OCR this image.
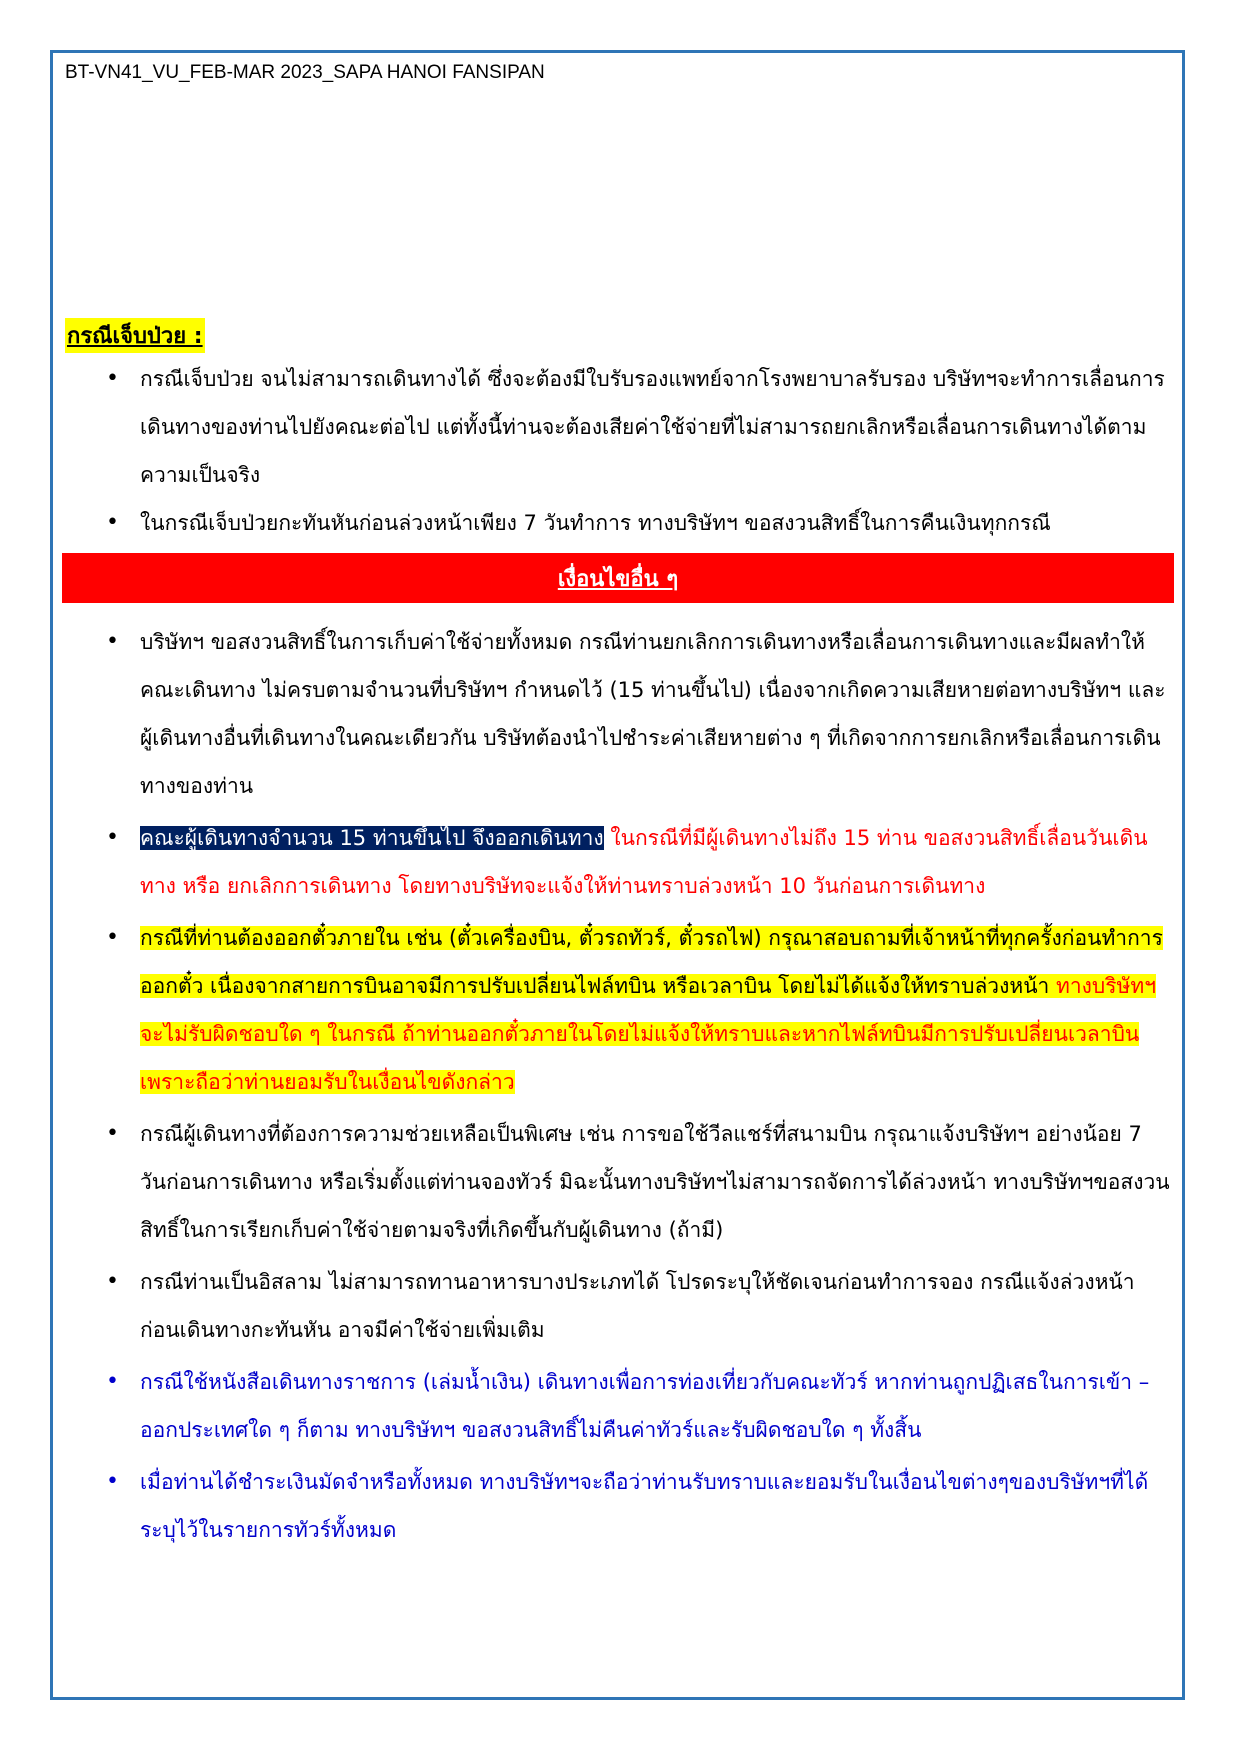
BT-VN41_VU_FEB-MAR 2023_SAPA HANOI FANSIPAN
กรณีเจ็บป่วย :
• กรณีเจ็บป่วย จนไม่สามารถเดินทางได้ ซึ่งจะต้องมีใบรับรองแพทย์จากโรงพยาบาลรับรอง บริษัทฯจะทำการเลื่อนการเดินทางของท่านไปยังคณะต่อไป แต่ทั้งนี้ท่านจะต้องเสียค่าใช้จ่ายที่ไม่สามารถยกเลิกหรือเลื่อนการเดินทางได้ตามความเป็นจริง
• ในกรณีเจ็บป่วยกะทันหันก่อนล่วงหน้าเพียง 7 วันทำการ ทางบริษัทฯ ขอสงวนสิทธิ์ในการคืนเงินทุกกรณี
เงื่อนไขอื่น ๆ
• บริษัทฯ ขอสงวนสิทธิ์ในการเก็บค่าใช้จ่ายทั้งหมด กรณีท่านยกเลิกการเดินทางหรือเลื่อนการเดินทางและมีผลทำให้คณะเดินทาง ไม่ครบตามจำนวนที่บริษัทฯ กำหนดไว้ (15 ท่านขึ้นไป) เนื่องจากเกิดความเสียหายต่อทางบริษัทฯ และผู้เดินทางอื่นที่เดินทางในคณะเดียวกัน บริษัทต้องนำไปชำระค่าเสียหายต่าง ๆ ที่เกิดจากการยกเลิกหรือเลื่อนการเดินทางของท่าน
• คณะผู้เดินทางจำนวน 15 ท่านขึ้นไป จึงออกเดินทาง ในกรณีที่มีผู้เดินทางไม่ถึง 15 ท่าน ขอสงวนสิทธิ์เลื่อนวันเดินทาง หรือ ยกเลิกการเดินทาง โดยทางบริษัทจะแจ้งให้ท่านทราบล่วงหน้า 10 วันก่อนการเดินทาง
• กรณีที่ท่านต้องออกตั๋วภายใน เช่น (ตั๋วเครื่องบิน, ตั๋วรถทัวร์, ตั๋วรถไฟ) กรุณาสอบถามที่เจ้าหน้าที่ทุกครั้งก่อนทำการออกตั๋ว เนื่องจากสายการบินอาจมีการปรับเปลี่ยนไฟล์ทบิน หรือเวลาบิน โดยไม่ได้แจ้งให้ทราบล่วงหน้า ทางบริษัทฯ จะไม่รับผิดชอบใด ๆ ในกรณี ถ้าท่านออกตั๋วภายในโดยไม่แจ้งให้ทราบและหากไฟล์ทบินมีการปรับเปลี่ยนเวลาบินเพราะถือว่าท่านยอมรับในเงื่อนไขดังกล่าว
• กรณีผู้เดินทางที่ต้องการความช่วยเหลือเป็นพิเศษ เช่น การขอใช้วีลแชร์ที่สนามบิน กรุณาแจ้งบริษัทฯ อย่างน้อย 7 วันก่อนการเดินทาง หรือเริ่มตั้งแต่ท่านจองทัวร์ มิฉะนั้นทางบริษัทฯไม่สามารถจัดการได้ล่วงหน้า ทางบริษัทฯขอสงวนสิทธิ์ในการเรียกเก็บค่าใช้จ่ายตามจริงที่เกิดขึ้นกับผู้เดินทาง (ถ้ามี)
• กรณีท่านเป็นอิสลาม ไม่สามารถทานอาหารบางประเภทได้ โปรดระบุให้ชัดเจนก่อนทำการจอง กรณีแจ้งล่วงหน้าก่อนเดินทางกะทันหัน อาจมีค่าใช้จ่ายเพิ่มเติม
• กรณีใช้หนังสือเดินทางราชการ (เล่มน้ำเงิน) เดินทางเพื่อการท่องเที่ยวกับคณะทัวร์ หากท่านถูกปฏิเสธในการเข้า – ออกประเทศใด ๆ ก็ตาม ทางบริษัทฯ ขอสงวนสิทธิ์ไม่คืนค่าทัวร์และรับผิดชอบใด ๆ ทั้งสิ้น
• เมื่อท่านได้ชำระเงินมัดจำหรือทั้งหมด ทางบริษัทฯจะถือว่าท่านรับทราบและยอมรับในเงื่อนไขต่างๆของบริษัทฯที่ได้ระบุไว้ในรายการทัวร์ทั้งหมด
